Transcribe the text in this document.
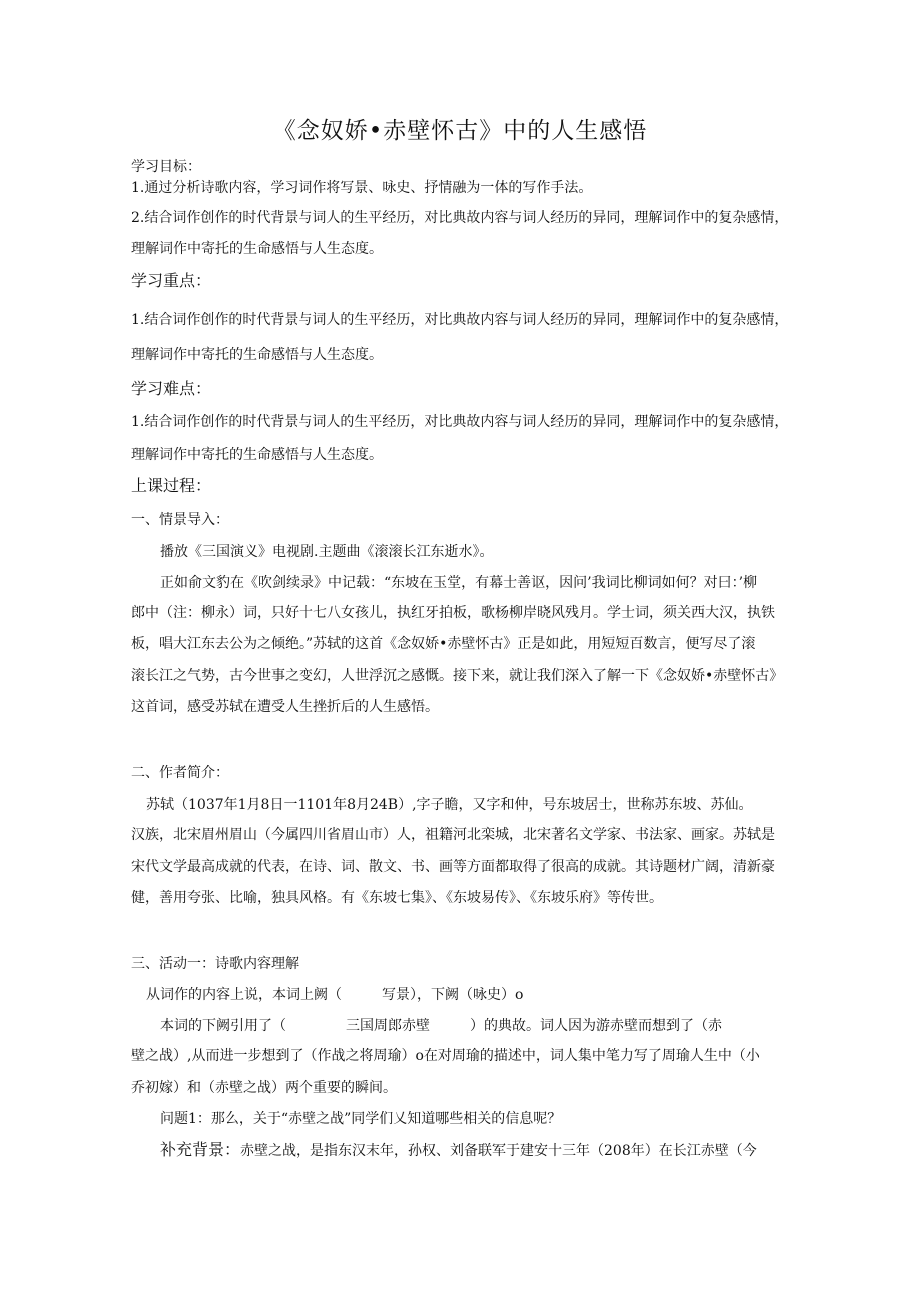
《念奴娇•赤壁怀古》中的人生感悟
学习目标：
1.通过分析诗歌内容，学习词作将写景、咏史、抒情融为一体的写作手法。
2.结合词作创作的时代背景与词人的生平经历，对比典故内容与词人经历的异同，理解词作中的复杂感情，
理解词作中寄托的生命感悟与人生态度。
学习重点：
1.结合词作创作的时代背景与词人的生平经历，对比典故内容与词人经历的异同，理解词作中的复杂感情，
理解词作中寄托的生命感悟与人生态度。
学习难点：
1.结合词作创作的时代背景与词人的生平经历，对比典故内容与词人经历的异同，理解词作中的复杂感情，
理解词作中寄托的生命感悟与人生态度。
上课过程：
一、情景导入：
播放《三国演义》电视剧.主题曲《滚滚长江东逝水》。
正如俞文豹在《吹剑续录》中记载：“东坡在玉堂，有幕士善讴，因问’我词比柳词如何？对曰：’柳
郎中（注：柳永）词，只好十七八女孩儿，执红牙拍板，歌杨柳岸晓风残月。学士词，须关西大汉，执铁
板，唱大江东去公为之倾绝。”苏轼的这首《念奴娇•赤壁怀古》正是如此，用短短百数言，便写尽了滚
滚长江之气势，古今世事之变幻，人世浮沉之感慨。接下来，就让我们深入了解一下《念奴娇•赤壁怀古》
这首词，感受苏轼在遭受人生挫折后的人生感悟。
二、作者简介：
苏轼（1037年1月8日一1101年8月24B）,字子瞻，又字和仲，号东坡居士，世称苏东坡、苏仙。
汉族，北宋眉州眉山（今属四川省眉山市）人，祖籍河北栾城，北宋著名文学家、书法家、画家。苏轼是
宋代文学最高成就的代表，在诗、词、散文、书、画等方面都取得了很高的成就。其诗题材广阔，清新豪
健，善用夸张、比喻，独具风格。有《东坡七集》、《东坡易传》、《东坡乐府》等传世。
三、活动一：诗歌内容理解
从词作的内容上说，本词上阙（	写景），下阙（咏史）o
本词的下阙引用了（	三国周郎赤壁	）的典故。词人因为游赤壁而想到了（赤
壁之战）,从而进一步想到了（作战之将周瑜）o在对周瑜的描述中，词人集中笔力写了周瑜人生中（小
乔初嫁）和（赤壁之战）两个重要的瞬间。
问题1：那么，关于“赤壁之战”同学们乂知道哪些相关的信息呢？
补充背景：赤壁之战，是指东汉末年，孙权、刘备联军于建安十三年（208年）在长江赤壁（今
